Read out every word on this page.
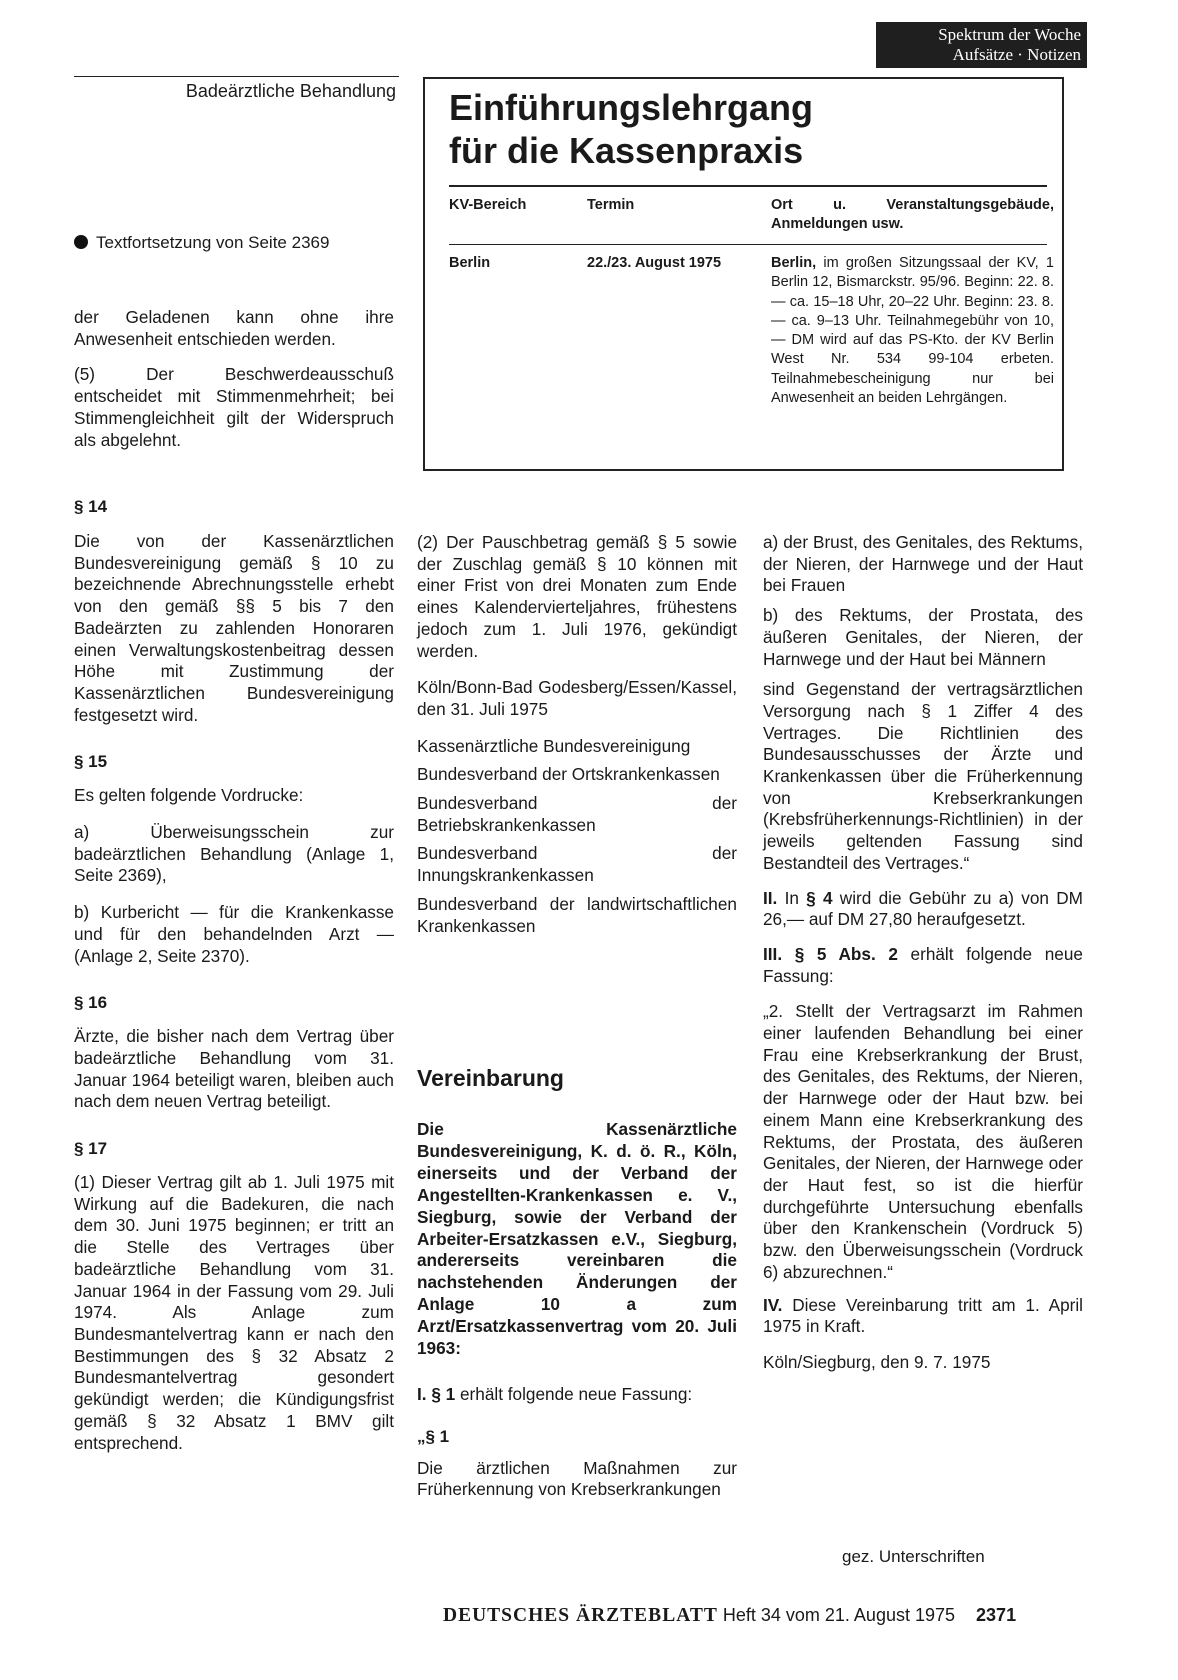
Spektrum der Woche
Aufsätze · Notizen
Badeärztliche Behandlung
Textfortsetzung von Seite 2369
Einführungslehrgang
für die Kassenpraxis
KV-Bereich	Termin	Ort u. Veranstaltungsgebäude, Anmeldungen usw.
Berlin	22./23. August 1975	Berlin, im großen Sitzungssaal der KV, 1 Berlin 12, Bismarckstr. 95/96. Beginn: 22. 8. — ca. 15–18 Uhr, 20–22 Uhr. Beginn: 23. 8. — ca. 9–13 Uhr. Teilnahmegebühr von 10,— DM wird auf das PS-Kto. der KV Berlin West Nr. 534 99-104 erbeten. Teilnahmebescheinigung nur bei Anwesenheit an beiden Lehrgängen.

der Geladenen kann ohne ihre Anwesenheit entschieden werden.

(5) Der Beschwerdeausschuß entscheidet mit Stimmenmehrheit; bei Stimmengleichheit gilt der Widerspruch als abgelehnt.

§ 14

Die von der Kassenärztlichen Bundesvereinigung gemäß § 10 zu bezeichnende Abrechnungsstelle erhebt von den gemäß §§ 5 bis 7 den Badeärzten zu zahlenden Honoraren einen Verwaltungskostenbeitrag dessen Höhe mit Zustimmung der Kassenärztlichen Bundesvereinigung festgesetzt wird.

§ 15

Es gelten folgende Vordrucke:

a) Überweisungsschein zur badeärztlichen Behandlung (Anlage 1, Seite 2369),

b) Kurbericht — für die Krankenkasse und für den behandelnden Arzt — (Anlage 2, Seite 2370).

§ 16

Ärzte, die bisher nach dem Vertrag über badeärztliche Behandlung vom 31. Januar 1964 beteiligt waren, bleiben auch nach dem neuen Vertrag beteiligt.

§ 17

(1) Dieser Vertrag gilt ab 1. Juli 1975 mit Wirkung auf die Badekuren, die nach dem 30. Juni 1975 beginnen; er tritt an die Stelle des Vertrages über badeärztliche Behandlung vom 31. Januar 1964 in der Fassung vom 29. Juli 1974. Als Anlage zum Bundesmantelvertrag kann er nach den Bestimmungen des § 32 Absatz 2 Bundesmantelvertrag gesondert gekündigt werden; die Kündigungsfrist gemäß § 32 Absatz 1 BMV gilt entsprechend.

(2) Der Pauschbetrag gemäß § 5 sowie der Zuschlag gemäß § 10 können mit einer Frist von drei Monaten zum Ende eines Kalendervierteljahres, frühestens jedoch zum 1. Juli 1976, gekündigt werden.

Köln/Bonn-Bad Godesberg/Essen/Kassel, den 31. Juli 1975

Kassenärztliche Bundesvereinigung

Bundesverband der Ortskrankenkassen

Bundesverband der Betriebskrankenkassen

Bundesverband der Innungskrankenkassen

Bundesverband der landwirtschaftlichen Krankenkassen

Vereinbarung

Die Kassenärztliche Bundesvereinigung, K. d. ö. R., Köln, einerseits und der Verband der Angestellten-Krankenkassen e. V., Siegburg, sowie der Verband der Arbeiter-Ersatzkassen e.V., Siegburg, andererseits vereinbaren die nachstehenden Änderungen der Anlage 10 a zum Arzt/Ersatzkassenvertrag vom 20. Juli 1963:

I. § 1 erhält folgende neue Fassung:

„§ 1

Die ärztlichen Maßnahmen zur Früherkennung von Krebserkrankungen

a) der Brust, des Genitales, des Rektums, der Nieren, der Harnwege und der Haut bei Frauen

b) des Rektums, der Prostata, des äußeren Genitales, der Nieren, der Harnwege und der Haut bei Männern

sind Gegenstand der vertragsärztlichen Versorgung nach § 1 Ziffer 4 des Vertrages. Die Richtlinien des Bundesausschusses der Ärzte und Krankenkassen über die Früherkennung von Krebserkrankungen (Krebsfrüherkennungs-Richtlinien) in der jeweils geltenden Fassung sind Bestandteil des Vertrages.“

II. In § 4 wird die Gebühr zu a) von DM 26,— auf DM 27,80 heraufgesetzt.

III. § 5 Abs. 2 erhält folgende neue Fassung:

„2. Stellt der Vertragsarzt im Rahmen einer laufenden Behandlung bei einer Frau eine Krebserkrankung der Brust, des Genitales, des Rektums, der Nieren, der Harnwege oder der Haut bzw. bei einem Mann eine Krebserkrankung des Rektums, der Prostata, des äußeren Genitales, der Nieren, der Harnwege oder der Haut fest, so ist die hierfür durchgeführte Untersuchung ebenfalls über den Krankenschein (Vordruck 5) bzw. den Überweisungsschein (Vordruck 6) abzurechnen.“

IV. Diese Vereinbarung tritt am 1. April 1975 in Kraft.

Köln/Siegburg, den 9. 7. 1975

gez. Unterschriften
DEUTSCHES ÄRZTEBLATT Heft 34 vom 21. August 1975 2371
